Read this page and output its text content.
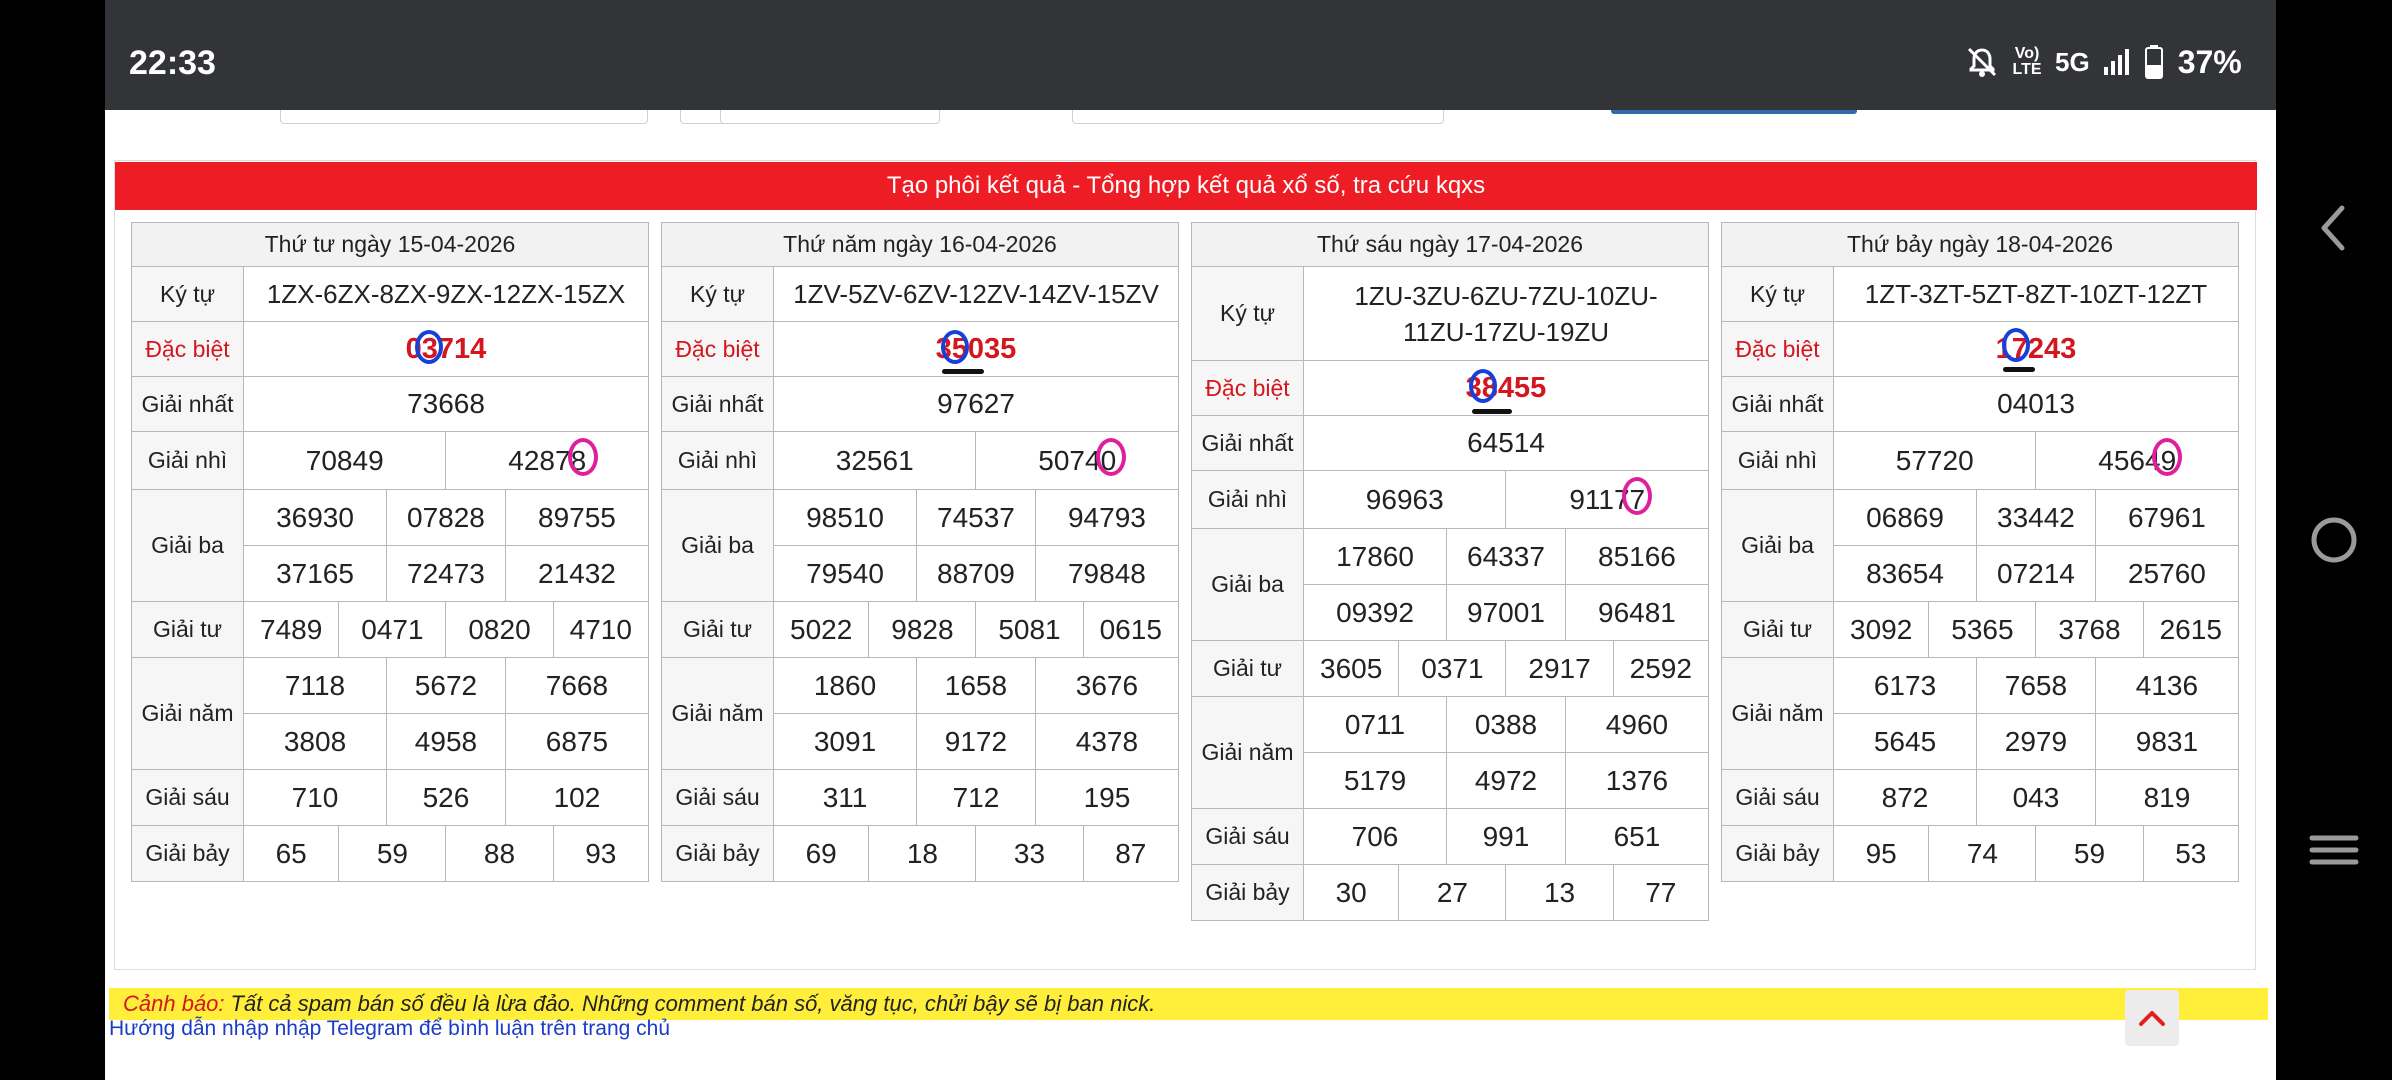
22:33	Vo)
LTE 5G	37%
Tạo phôi kết quả - Tổng hợp kết quả xổ số, tra cứu kqxs
Thứ tư ngày 15-04-2026						
Ký tự	1ZX-6ZX-8ZX-9ZX-12ZX-15ZX					
Đặc biệt	03714					

Giải nhất	73668					
Giải nhì	70849			42878		

Giải ba	36930		07828		89755	
	37165		72473		21432	
Giải tư	7489	0471		0820		4710
Giải năm	7118		5672		7668	
	3808		4958		6875	
Giải sáu	710		526		102	
Giải bảy	65	59		88		93
Thứ năm ngày 16-04-2026						
Ký tự	1ZV-5ZV-6ZV-12ZV-14ZV-15ZV					
Đặc biệt	35035					

Giải nhất	97627					
Giải nhì	32561			50740		

Giải ba	98510		74537		94793	
	79540		88709		79848	
Giải tư	5022	9828		5081		0615
Giải năm	1860		1658		3676	
	3091		9172		4378	
Giải sáu	311		712		195	
Giải bảy	69	18		33		87
Thứ sáu ngày 17-04-2026						
Ký tự	1ZU-3ZU-6ZU-7ZU-10ZU-11ZU-17ZU-19ZU					
Đặc biệt	38455					

Giải nhất	64514					
Giải nhì	96963			91177		

Giải ba	17860		64337		85166	
	09392		97001		96481	
Giải tư	3605	0371		2917		2592
Giải năm	0711		0388		4960	
	5179		4972		1376	
Giải sáu	706		991		651	
Giải bảy	30	27		13		77
Thứ bảy ngày 18-04-2026						
Ký tự	1ZT-3ZT-5ZT-8ZT-10ZT-12ZT					
Đặc biệt	17243					

Giải nhất	04013					
Giải nhì	57720			45649		

Giải ba	06869		33442		67961	
	83654		07214		25760	
Giải tư	3092	5365		3768		2615
Giải năm	6173		7658		4136	
	5645		2979		9831	
Giải sáu	872		043		819	
Giải bảy	95	74		59		53
Cảnh báo: Tất cả spam bán số đều là lừa đảo. Những comment bán số, văng tục, chửi bậy sẽ bị ban nick.
Hướng dẫn nhập nhập Telegram để bình luận trên trang chủ
